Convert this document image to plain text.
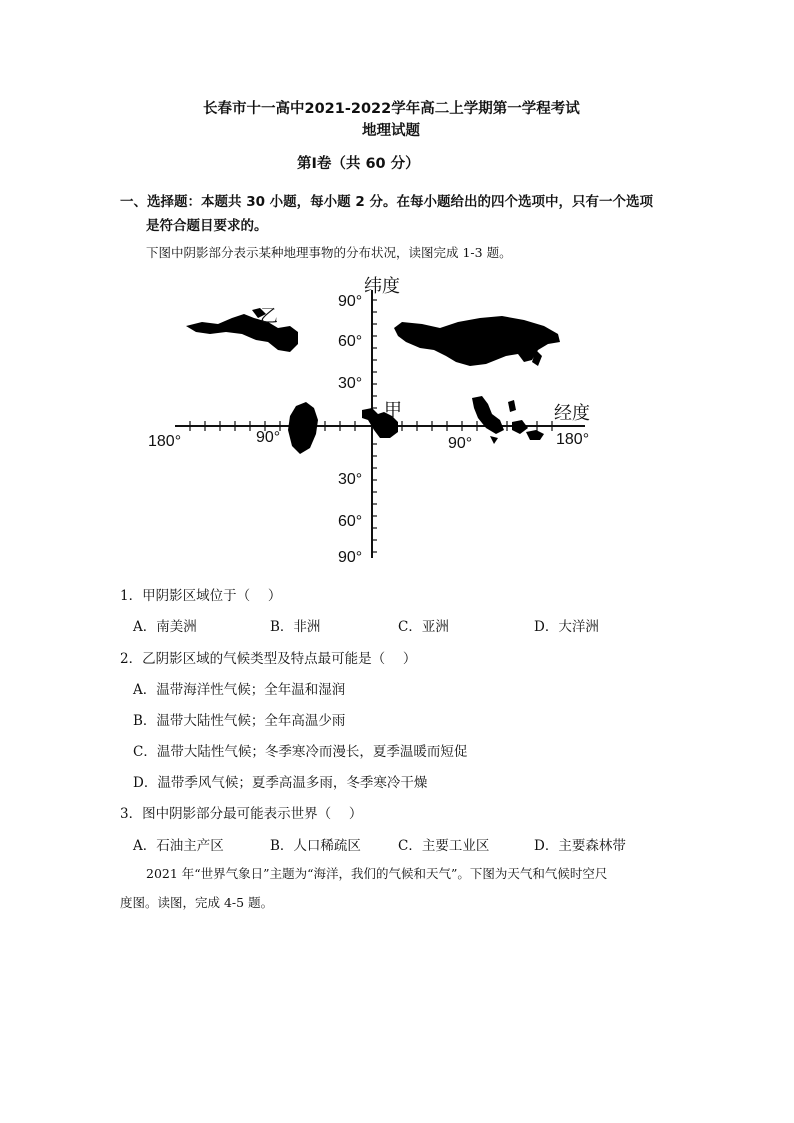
长春市十一高中2021-2022学年高二上学期第一学程考试
地理试题
第Ⅰ卷（共 60 分）
一、选择题：本题共 30 小题，每小题 2 分。在每小题给出的四个选项中，只有一个选项
是符合题目要求的。
下图中阴影部分表示某种地理事物的分布状况，读图完成 1-3 题。
纬度
经度
90°
60°
30°
30°
60°
90°
180°	90°	90°	180°
乙
甲
1．甲阴影区域位于（　 ）
A．南美洲	B．非洲	C．亚洲	D．大洋洲
2．乙阴影区域的气候类型及特点最可能是（　 ）
A．温带海洋性气候；全年温和湿润
B．温带大陆性气候；全年高温少雨
C．温带大陆性气候；冬季寒冷而漫长，夏季温暖而短促
D．温带季风气候；夏季高温多雨，冬季寒冷干燥
3．图中阴影部分最可能表示世界（　 ）
A．石油主产区	B．人口稀疏区	C．主要工业区	D．主要森林带
2021 年“世界气象日”主题为“海洋，我们的气候和天气”。下图为天气和气候时空尺
度图。读图，完成 4-5 题。
